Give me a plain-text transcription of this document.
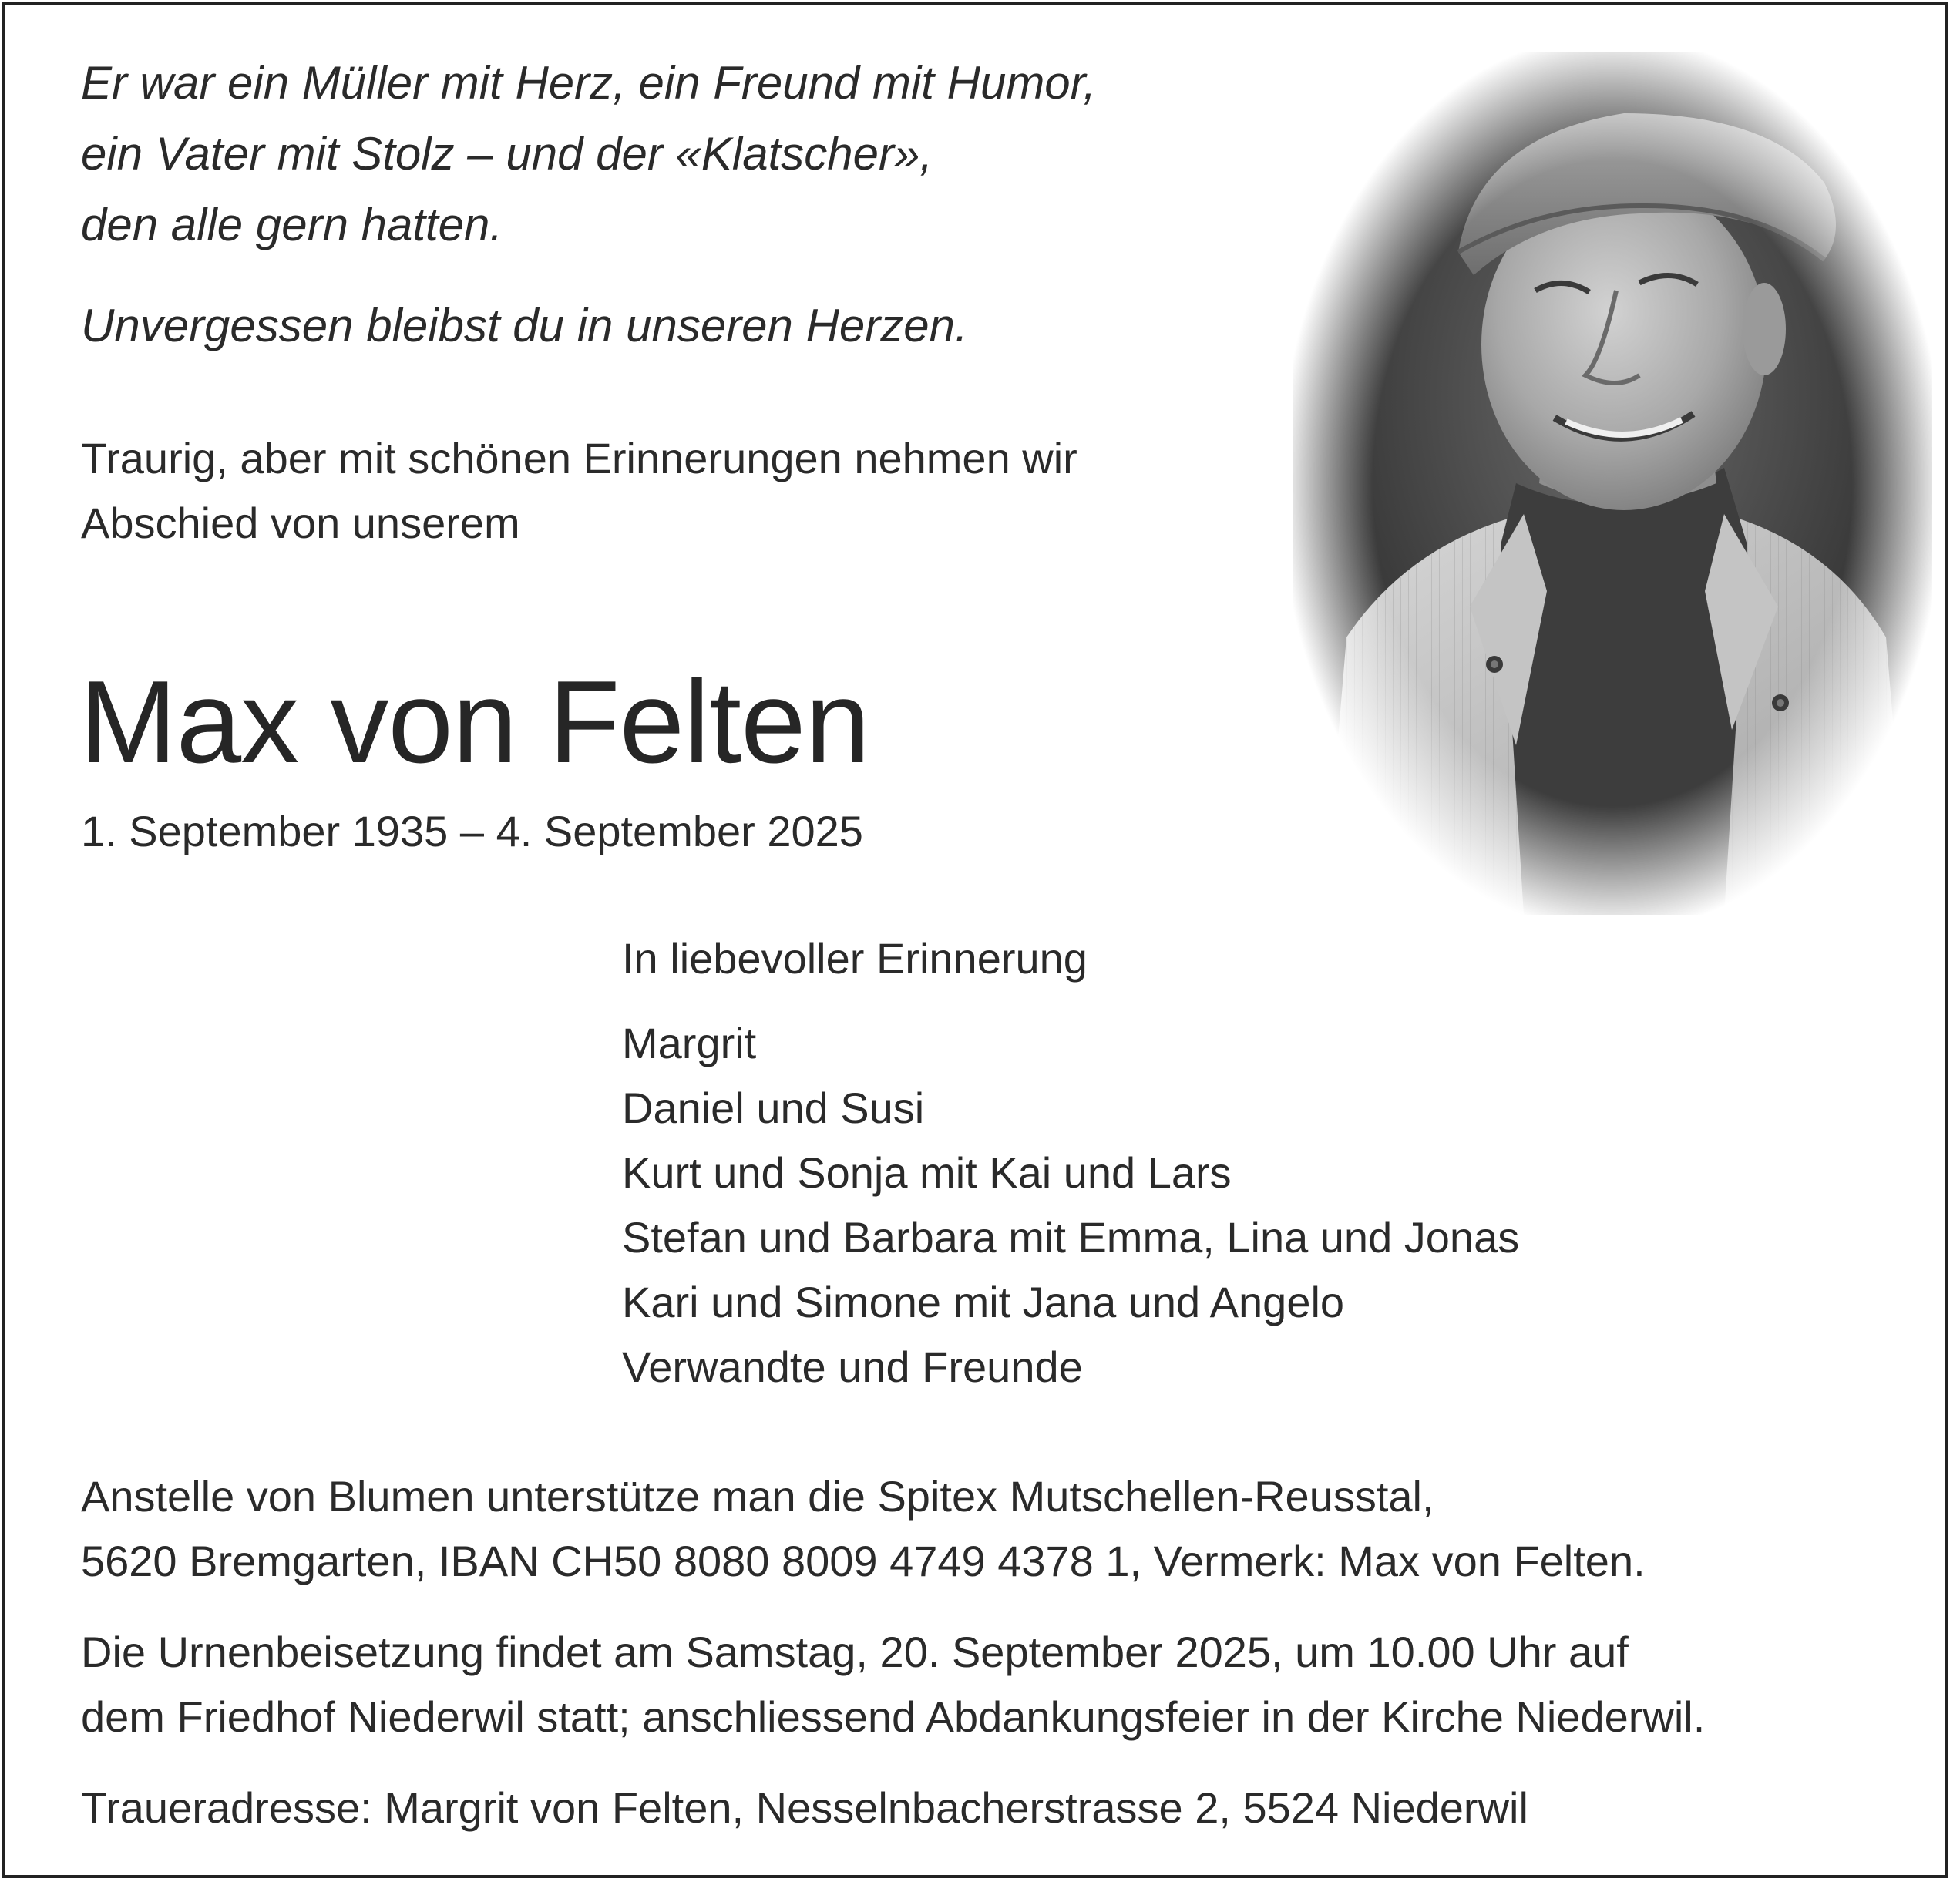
Er war ein Müller mit Herz, ein Freund mit Humor,

ein Vater mit Stolz – und der «Klatscher»,

den alle gern hatten.

Unvergessen bleibst du in unseren Herzen.

Traurig, aber mit schönen Erinnerungen nehmen wir

Abschied von unserem

Max von Felten

1. September 1935 – 4. September 2025

In liebevoller Erinnerung

Margrit

Daniel und Susi

Kurt und Sonja mit Kai und Lars

Stefan und Barbara mit Emma, Lina und Jonas

Kari und Simone mit Jana und Angelo

Verwandte und Freunde

Anstelle von Blumen unterstütze man die Spitex Mutschellen-Reusstal,

5620 Bremgarten, IBAN CH50 8080 8009 4749 4378 1, Vermerk: Max von Felten.

Die Urnenbeisetzung findet am Samstag, 20. September 2025, um 10.00 Uhr auf

dem Friedhof Niederwil statt; anschliessend Abdankungsfeier in der Kirche Niederwil.

Traueradresse: Margrit von Felten, Nesselnbacherstrasse 2, 5524 Niederwil
